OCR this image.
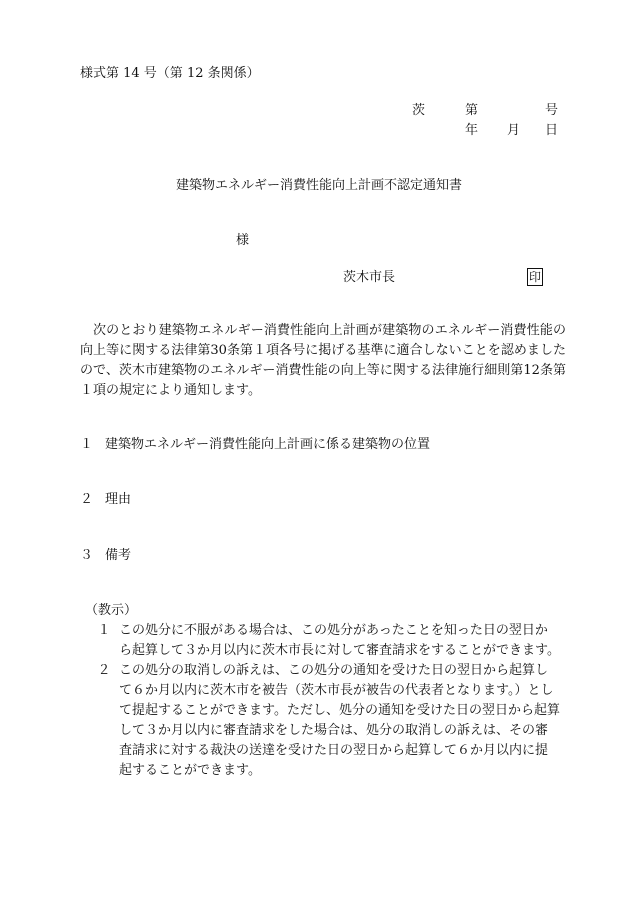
様式第 14 号（第 12 条関係）
茨	第	号
年 月 日
建築物エネルギー消費性能向上計画不認定通知書
様
茨木市長	印
次のとおり建築物エネルギー消費性能向上計画が建築物のエネルギー消費性能の向上等に関する法律第30条第１項各号に掲げる基準に適合しないことを認めましたので、茨木市建築物のエネルギー消費性能の向上等に関する法律施行細則第12条第１項の規定により通知します。
１ 建築物エネルギー消費性能向上計画に係る建築物の位置
２ 理由
３ 備考
（教示）
１ この処分に不服がある場合は、この処分があったことを知った日の翌日から起算して３か月以内に茨木市長に対して審査請求をすることができます。
２ この処分の取消しの訴えは、この処分の通知を受けた日の翌日から起算して６か月以内に茨木市を被告（茨木市長が被告の代表者となります。）として提起することができます。ただし、処分の通知を受けた日の翌日から起算して３か月以内に審査請求をした場合は、処分の取消しの訴えは、その審査請求に対する裁決の送達を受けた日の翌日から起算して６か月以内に提起することができます。
